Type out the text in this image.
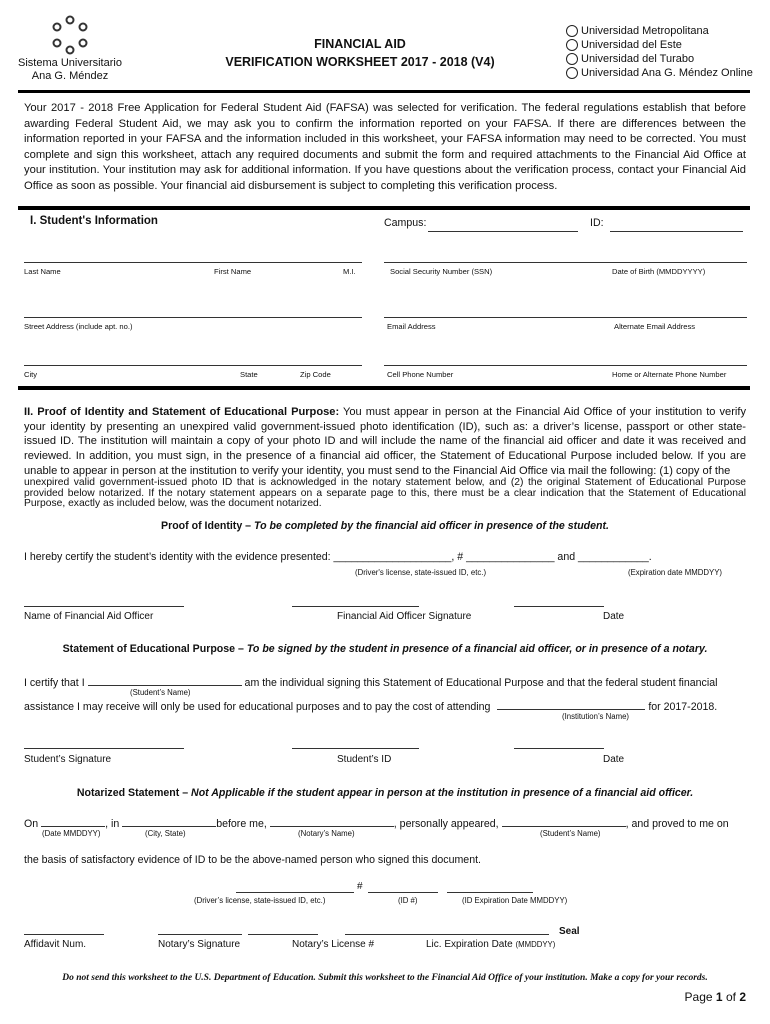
Sistema Universitario
Ana G. Méndez
FINANCIAL AID
VERIFICATION WORKSHEET 2017 - 2018 (V4)
Universidad Metropolitana
Universidad del Este
Universidad del Turabo
Universidad Ana G. Méndez Online
Your 2017 - 2018 Free Application for Federal Student Aid (FAFSA) was selected for verification. The federal regulations establish that before awarding Federal Student Aid, we may ask you to confirm the information reported on your FAFSA. If there are differences between the information reported in your FAFSA and the information included in this worksheet, your FAFSA information may need to be corrected. You must complete and sign this worksheet, attach any required documents and submit the form and required attachments to the Financial Aid Office at your institution. Your institution may ask for additional information. If you have questions about the verification process, contact your Financial Aid Office as soon as possible. Your financial aid disbursement is subject to completing this verification process.
I. Student's Information	Campus:	ID:
Last Name	First Name	M.I.	Social Security Number (SSN)	Date of Birth (MMDDYYYY)
Street Address (include apt. no.)	Email Address	Alternate Email Address
City	State	Zip Code	Cell Phone Number	Home or Alternate Phone Number
II. Proof of Identity and Statement of Educational Purpose: You must appear in person at the Financial Aid Office of your institution to verify your identity by presenting an unexpired valid government-issued photo identification (ID), such as: a driver’s license, passport or other state-issued ID. The institution will maintain a copy of your photo ID and will include the name of the financial aid officer and date it was received and reviewed. In addition, you must sign, in the presence of a financial aid officer, the Statement of Educational Purpose included below. If you are unable to appear in person at the institution to verify your identity, you must send to the Financial Aid Office via mail the following: (1) copy of the
unexpired valid government-issued photo ID that is acknowledged in the notary statement below, and (2) the original Statement of Educational Purpose provided below notarized. If the notary statement appears on a separate page to this, there must be a clear indication that the Statement of Educational Purpose, exactly as included below, was the document notarized.
Proof of Identity – To be completed by the financial aid officer in presence of the student.
I hereby certify the student’s identity with the evidence presented: ____________________, # _______________ and ____________.
(Driver's license, state-issued ID, etc.)	(Expiration date MMDDYY)
Name of Financial Aid Officer	Financial Aid Officer Signature	Date
Statement of Educational Purpose – To be signed by the student in presence of a financial aid officer, or in presence of a notary.
I certify that I	am the individual signing this Statement of Educational Purpose and that the federal student financial
(Student’s Name)
assistance I may receive will only be used for educational purposes and to pay the cost of attending	for 2017-2018.
(Institution’s Name)
Student’s Signature	Student’s ID	Date
Notarized Statement – Not Applicable if the student appear in person at the institution in presence of a financial aid officer.
On	, in	before me,	, personally appeared,	, and proved to me on
(Date MMDDYY)	(City, State)	(Notary’s Name)	(Student’s Name)
the basis of satisfactory evidence of ID to be the above-named person who signed this document.
#
(Driver’s license, state-issued ID, etc.)	(ID #)	(ID Expiration Date MMDDYY)
Seal
Affidavit Num.	Notary’s Signature	Notary’s License #	Lic. Expiration Date (MMDDYY)
Do not send this worksheet to the U.S. Department of Education. Submit this worksheet to the Financial Aid Office of your institution. Make a copy for your records.
Page 1 of 2
